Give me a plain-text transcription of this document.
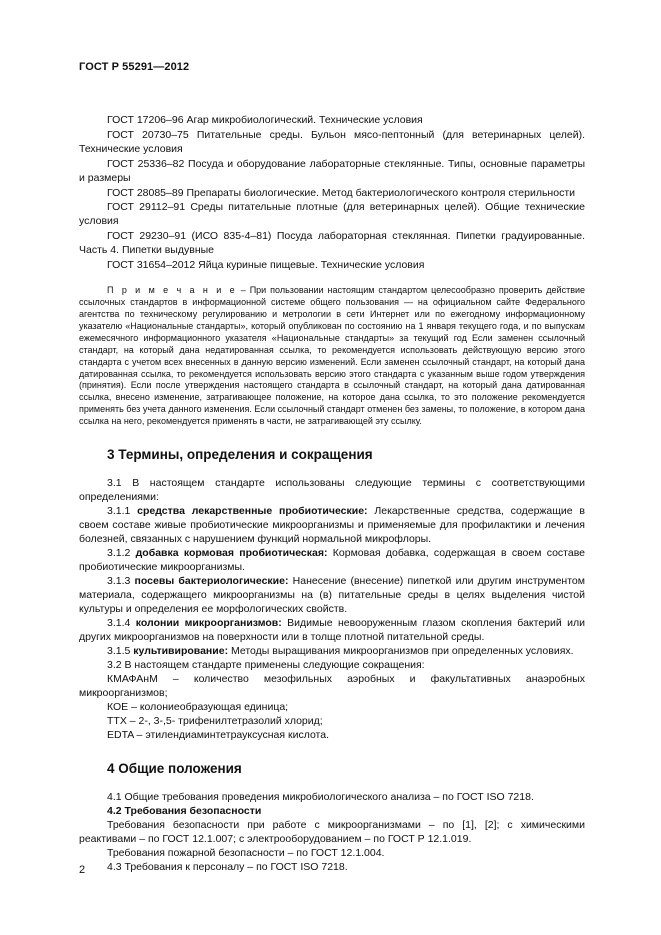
ГОСТ Р 55291—2012

ГОСТ 17206–96 Агар микробиологический. Технические условия

ГОСТ 20730–75 Питательные среды. Бульон мясо-пептонный (для ветеринарных целей). Технические условия

ГОСТ 25336–82 Посуда и оборудование лабораторные стеклянные. Типы, основные параметры и размеры

ГОСТ 28085–89 Препараты биологические. Метод бактериологического контроля стерильности

ГОСТ 29112–91 Среды питательные плотные (для ветеринарных целей). Общие технические условия

ГОСТ 29230–91 (ИСО 835-4–81) Посуда лабораторная стеклянная. Пипетки градуированные. Часть 4. Пипетки выдувные

ГОСТ 31654–2012 Яйца куриные пищевые. Технические условия

П р и м е ч а н и е – При пользовании настоящим стандартом целесообразно проверить действие ссылочных стандартов в информационной системе общего пользования — на официальном сайте Федерального агентства по техническому регулированию и метрологии в сети Интернет или по ежегодному информационному указателю «Национальные стандарты», который опубликован по состоянию на 1 января текущего года, и по выпускам ежемесячного информационного указателя «Национальные стандарты» за текущий год Если заменен ссылочный стандарт, на который дана недатированная ссылка, то рекомендуется использовать действующую версию этого стандарта с учетом всех внесенных в данную версию изменений. Если заменен ссылочный стандарт, на который дана датированная ссылка, то рекомендуется использовать версию этого стандарта с указанным выше годом утверждения (принятия). Если после утверждения настоящего стандарта в ссылочный стандарт, на который дана датированная ссылка, внесено изменение, затрагивающее положение, на которое дана ссылка, то это положение рекомендуется применять без учета данного изменения. Если ссылочный стандарт отменен без замены, то положение, в котором дана ссылка на него, рекомендуется применять в части, не затрагивающей эту ссылку.
3 Термины, определения и сокращения

3.1 В настоящем стандарте использованы следующие термины с соответствующими определениями:

3.1.1 средства лекарственные пробиотические: Лекарственные средства, содержащие в своем составе живые пробиотические микроорганизмы и применяемые для профилактики и лечения болезней, связанных с нарушением функций нормальной микрофлоры.

3.1.2 добавка кормовая пробиотическая: Кормовая добавка, содержащая в своем составе пробиотические микроорганизмы.

3.1.3 посевы бактериологические: Нанесение (внесение) пипеткой или другим инструментом материала, содержащего микроорганизмы на (в) питательные среды в целях выделения чистой культуры и определения ее морфологических свойств.

3.1.4 колонии микроорганизмов: Видимые невооруженным глазом скопления бактерий или других микроорганизмов на поверхности или в толще плотной питательной среды.

3.1.5 культивирование: Методы выращивания микроорганизмов при определенных условиях.

3.2 В настоящем стандарте применены следующие сокращения:

КМАФАнМ – количество мезофильных аэробных и факультативных анаэробных микроорганизмов;

КОЕ – колониеобразующая единица;

ТТХ – 2-, 3-,5- трифенилтетразолий хлорид;

EDTA – этилендиаминтетрауксусная кислота.

4 Общие положения

4.1 Общие требования проведения микробиологического анализа – по ГОСТ ISO 7218.

4.2 Требования безопасности

Требования безопасности при работе с микроорганизмами – по [1], [2]; с химическими реактивами – по ГОСТ 12.1.007; с электрооборудованием – по ГОСТ Р 12.1.019.

Требования пожарной безопасности – по ГОСТ 12.1.004.

4.3 Требования к персоналу – по ГОСТ ISO 7218.

2
